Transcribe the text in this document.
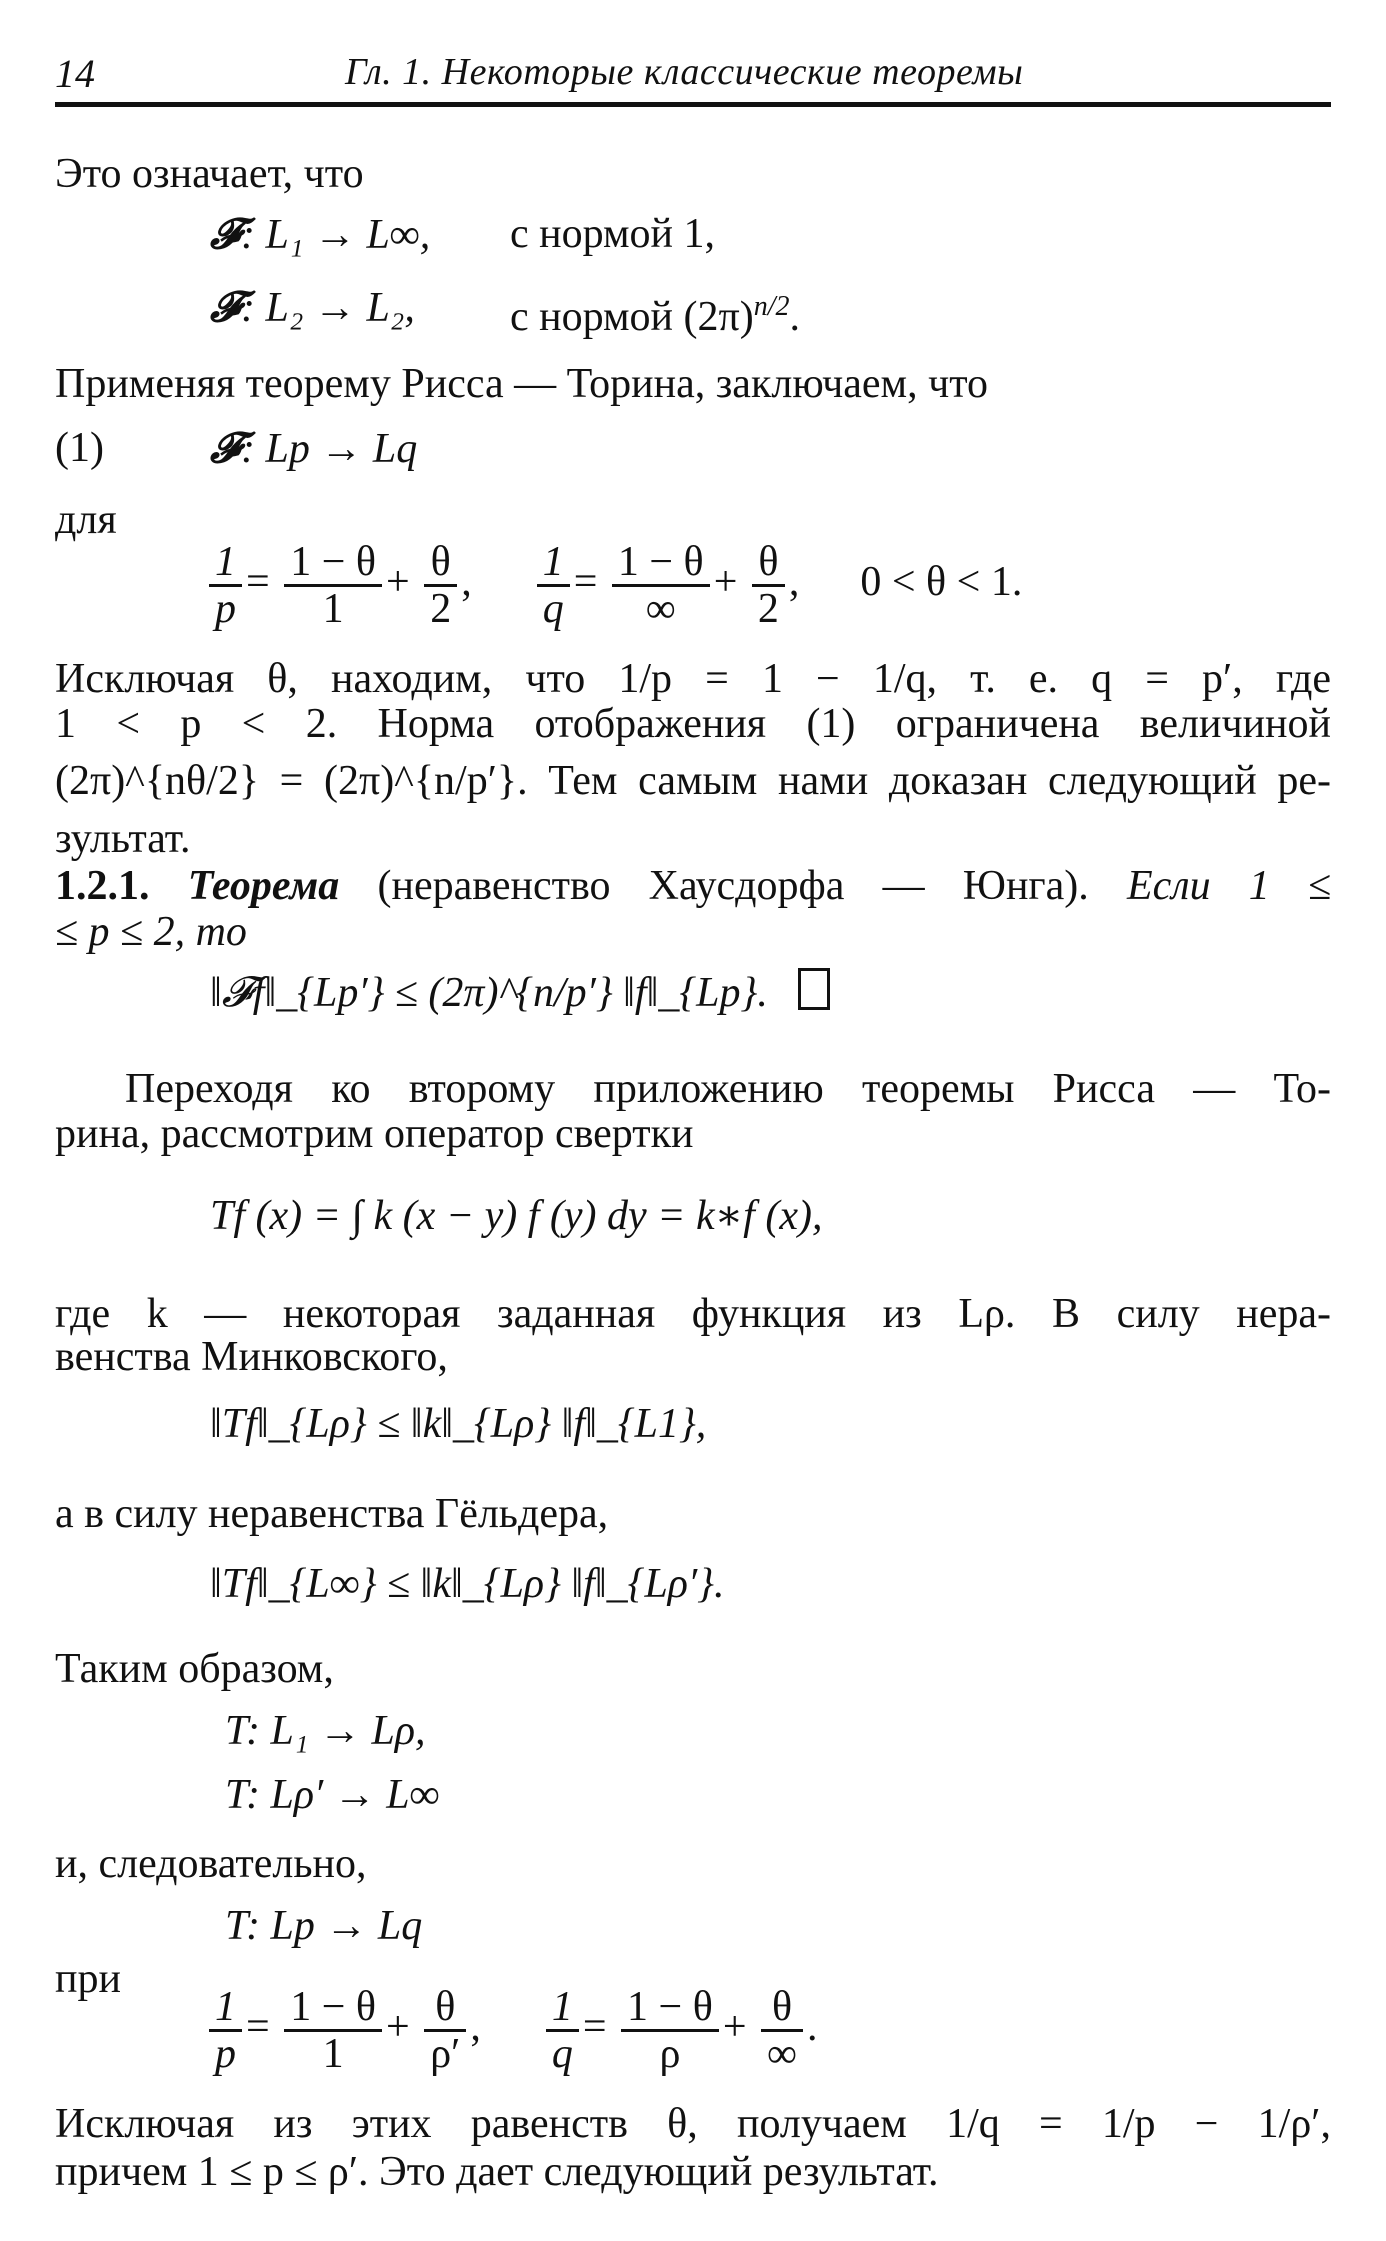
14	Гл. 1. Некоторые классические теоремы
Это означает, что
𝓕: L₁ → L∞, с нормой 1,
𝓕: L₂ → L₂, с нормой $(2\pi)^{n/2}$.
Применяя теорему Рисса — Торина, заключаем, что
(1)	𝓕: Lp → Lq
для
$\frac{1}{p} = \frac{1 - \theta}{1} + \frac{\theta}{2}$ , $\frac{1}{q} = \frac{1 - \theta}{\infty} + \frac{\theta}{2}$ , 0 < θ < 1.
Исключая θ, находим, что 1/p = 1 − 1/q, т. е. q = p′, где
1 < p < 2. Норма отображения (1) ограничена величиной
(2π)^{nθ/2} = (2π)^{n/p′}. Тем самым нами доказан следующий ре-
зультат.
1.2.1. Теорема (неравенство Хаусдорфа — Юнга). Если 1 ≤
≤ p ≤ 2, то
‖𝓕f‖_{Lp′} ≤ (2π)^{n/p′} ‖f‖_{Lp}.
Переходя ко второму приложению теоремы Рисса — То-
рина, рассмотрим оператор свертки
Tf (x) = ∫ k (x − y) f (y) dy = k∗f (x),
где k — некоторая заданная функция из Lρ. В силу нера-
венства Минковского,
‖Tf‖_{Lρ} ≤ ‖k‖_{Lρ} ‖f‖_{L1},
а в силу неравенства Гёльдера,
‖Tf‖_{L∞} ≤ ‖k‖_{Lρ} ‖f‖_{Lρ′}.
Таким образом,
T: L₁ → Lρ,
T: Lρ′ → L∞
и, следовательно,
T: Lp → Lq
при
$\frac{1}{p} = \frac{1 - \theta}{1} + \frac{\theta}{\rho'}$ , $\frac{1}{q} = \frac{1 - \theta}{\rho} + \frac{\theta}{\infty}$ .
Исключая из этих равенств θ, получаем 1/q = 1/p − 1/ρ′,
причем 1 ≤ p ≤ ρ′. Это дает следующий результат.
